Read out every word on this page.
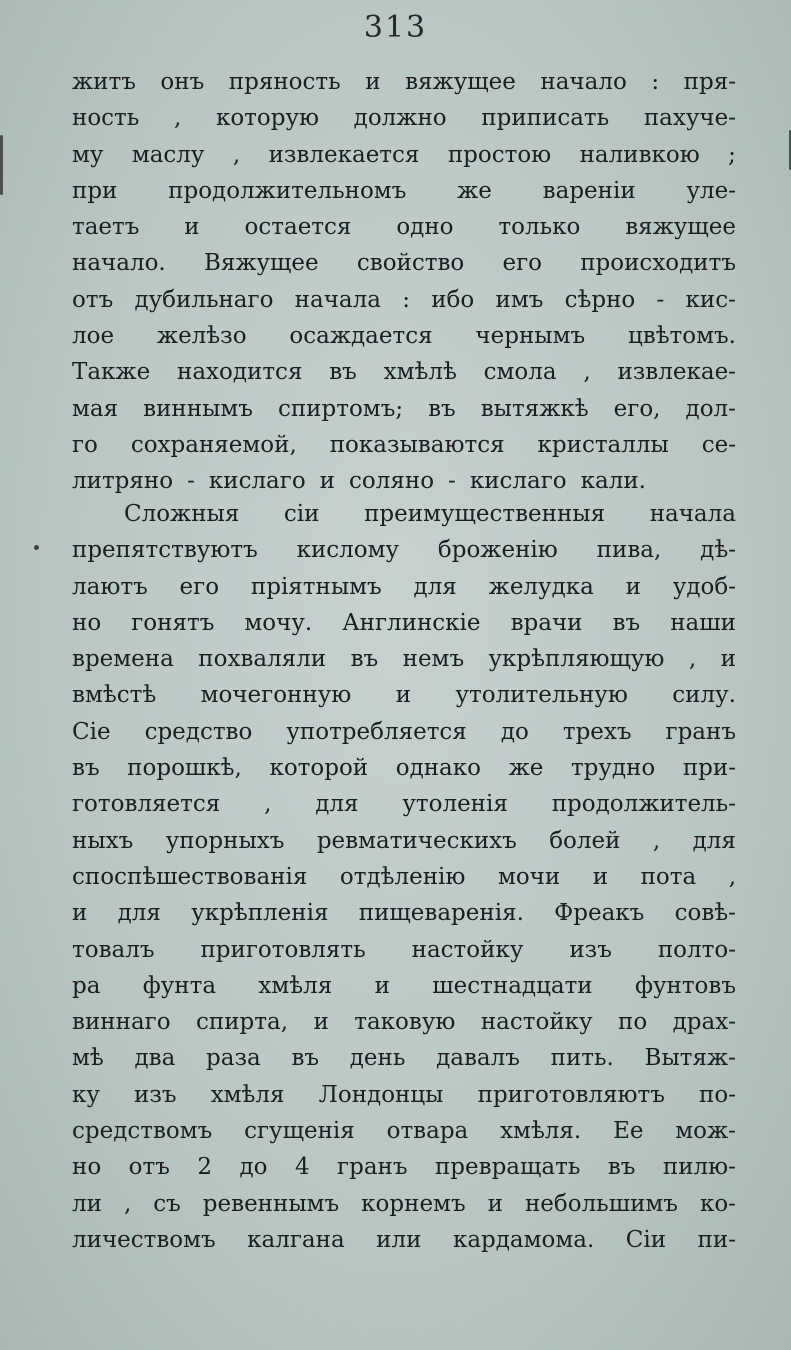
313
житъ онъ пряность и вяжущее начало : пря-
ность , которую должно приписать пахуче-
му маслу , извлекается простою наливкою ;
при продолжительномъ же вареніи уле-
таетъ и остается одно только вяжущее
начало. Вяжущее свойство его происходитъ
отъ дубильнаго начала : ибо имъ сѣрно - кис-
лое желѣзо осаждается чернымъ цвѣтомъ.
Также находится въ хмѣлѣ смола , извлекае-
мая виннымъ спиртомъ; въ вытяжкѣ его, дол-
го сохраняемой, показываются кристаллы се-
литряно - кислаго и соляно - кислаго кали.
Сложныя сіи преимущественныя начала
препятствуютъ кислому броженію пива, дѣ-
лаютъ его пріятнымъ для желудка и удоб-
но гонятъ мочу. Англинскіе врачи въ наши
времена похваляли въ немъ укрѣпляющую , и
вмѣстѣ мочегонную и утолительную силу.
Сіе средство употребляется до трехъ гранъ
въ порошкѣ, которой однако же трудно при-
готовляется , для утоленія продолжитель-
ныхъ упорныхъ ревматическихъ болей , для
споспѣшествованія отдѣленію мочи и пота ,
и для укрѣпленія пищеваренія. Фреакъ совѣ-
товалъ приготовлять настойку изъ полто-
ра фунта хмѣля и шестнадцати фунтовъ
виннаго спирта, и таковую настойку по драх-
мѣ два раза въ день давалъ пить. Вытяж-
ку изъ хмѣля Лондонцы приготовляютъ по-
средствомъ сгущенія отвара хмѣля. Ее мож-
но отъ 2 до 4 гранъ превращать въ пилю-
ли , съ ревеннымъ корнемъ и небольшимъ ко-
личествомъ калгана или кардамома. Сіи пи-
